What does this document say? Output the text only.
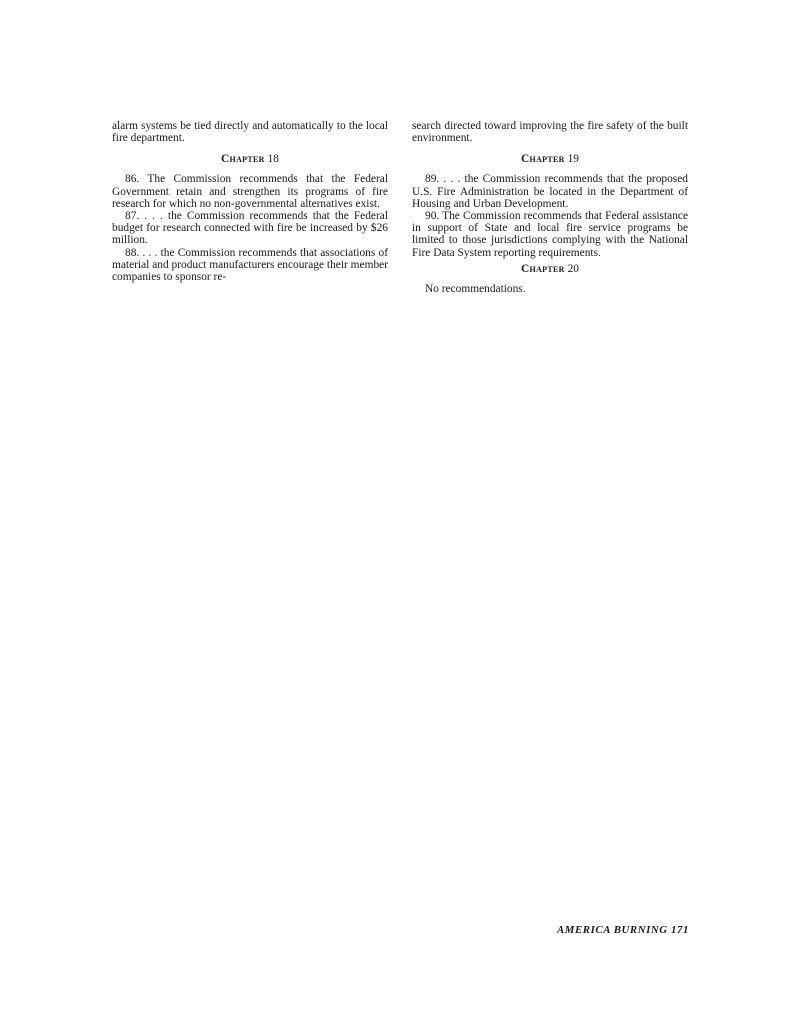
alarm systems be tied directly and automatically to the local fire department.

Chapter 18

86. The Commission recommends that the Federal Government retain and strengthen its programs of fire research for which no non-governmental alternatives exist.

87. . . . the Commission recommends that the Federal budget for research connected with fire be increased by $26 million.

88. . . . the Commission recommends that associations of material and product manufacturers encourage their member companies to sponsor re-

search directed toward improving the fire safety of the built environment.

Chapter 19

89. . . . the Commission recommends that the proposed U.S. Fire Administration be located in the Department of Housing and Urban Development.

90. The Commission recommends that Federal assistance in support of State and local fire service programs be limited to those jurisdictions complying with the National Fire Data System reporting requirements.

Chapter 20

No recommendations.

AMERICA BURNING 171
